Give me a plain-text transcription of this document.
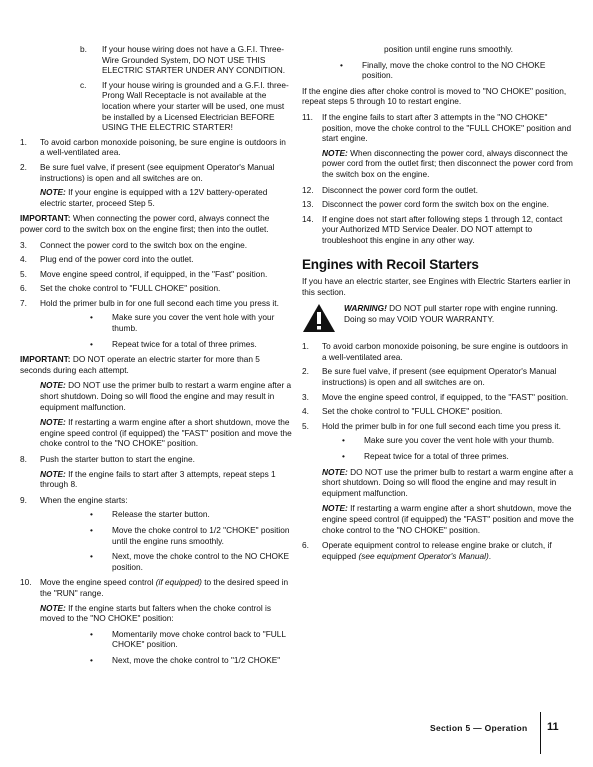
b.	If your house wiring does not have a G.F.I. Three-Wire Grounded System, DO NOT USE THIS ELECTRIC STARTER UNDER ANY CONDITION.
c.	If your house wiring is grounded and a G.F.I. three-Prong Wall Receptacle is not available at the location where your starter will be used, one must be installed by a Licensed Electrician BEFORE USING THE ELECTRIC STARTER!
1.	To avoid carbon monoxide poisoning, be sure engine is outdoors in a well-ventilated area.
2.	Be sure fuel valve, if present (see equipment Operator's Manual instructions) is open and all switches are on.
NOTE: If your engine is equipped with a 12V battery-operated electric starter, proceed Step 5.
IMPORTANT: When connecting the power cord, always connect the power cord to the switch box on the engine first; then into the outlet.
3.	Connect the power cord to the switch box on the engine.
4.	Plug end of the power cord into the outlet.
5.	Move engine speed control, if equipped, in the "Fast" position.
6.	Set the choke control to "FULL CHOKE" position.
7.	Hold the primer bulb in for one full second each time you press it.
•	Make sure you cover the vent hole with your thumb.
•	Repeat twice for a total of three primes.
IMPORTANT: DO NOT operate an electric starter for more than 5 seconds during each attempt.
NOTE: DO NOT use the primer bulb to restart a warm engine after a short shutdown. Doing so will flood the engine and may result in equipment malfunction.
NOTE: If restarting a warm engine after a short shutdown, move the engine speed control (if equipped) the "FAST" position and move the choke control to the "NO CHOKE" position.
8.	Push the starter button to start the engine.
NOTE: If the engine fails to start after 3 attempts, repeat steps 1 through 8.
9.	When the engine starts:
•	Release the starter button.
•	Move the choke control to 1/2 "CHOKE" position until the engine runs smoothly.
•	Next, move the choke control to the NO CHOKE position.
10.	Move the engine speed control (if equipped) to the desired speed in the "RUN" range.
NOTE: If the engine starts but falters when the choke control is moved to the "NO CHOKE" position:
•	Momentarily move choke control back to "FULL CHOKE" position.
•	Next, move the choke control to "1/2 CHOKE"
position until engine runs smoothly.
•	Finally, move the choke control to the NO CHOKE position.
If the engine dies after choke control is moved to "NO CHOKE" position, repeat steps 5 through 10 to restart engine.
11.	If the engine fails to start after 3 attempts in the "NO CHOKE" position, move the choke control to the "FULL CHOKE" position and start engine.
NOTE: When disconnecting the power cord, always disconnect the power cord from the outlet first; then disconnect the power cord from the switch box on the engine.
12.	Disconnect the power cord form the outlet.
13.	Disconnect the power cord form the switch box on the engine.
14.	If engine does not start after following steps 1 through 12, contact your Authorized MTD Service Dealer. DO NOT attempt to troubleshoot this engine in any other way.
Engines with Recoil Starters
If you have an electric starter, see Engines with Electric Starters earlier in this section.
WARNING! DO NOT pull starter rope with engine running. Doing so may VOID YOUR WARRANTY.
1.	To avoid carbon monoxide poisoning, be sure engine is outdoors in a well-ventilated area.
2.	Be sure fuel valve, if present (see equipment Operator's Manual instructions) is open and all switches are on.
3.	Move the engine speed control, if equipped, to the "FAST" position.
4.	Set the choke control to "FULL CHOKE" position.
5.	Hold the primer bulb in for one full second each time you press it.
•	Make sure you cover the vent hole with your thumb.
•	Repeat twice for a total of three primes.
NOTE: DO NOT use the primer bulb to restart a warm engine after a short shutdown. Doing so will flood the engine and may result in equipment malfunction.
NOTE: If restarting a warm engine after a short shutdown, move the engine speed control (if equipped) the "FAST" position and move the choke control to the "NO CHOKE" position.
6.	Operate equipment control to release engine brake or clutch, if equipped (see equipment Operator's Manual).
Section 5 — Operation 11
